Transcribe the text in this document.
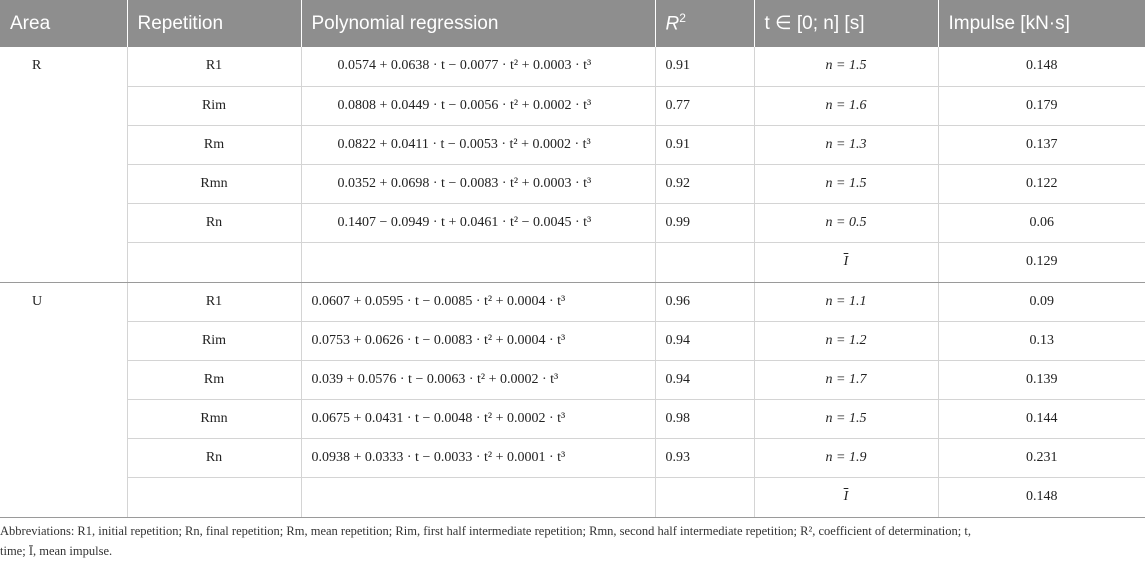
Area	Repetition	Polynomial regression	$R^2$	t ∈ [0; n] [s]	Impulse [kN·s]
R	R1	0.0574 + 0.0638 · t − 0.0077 · t² + 0.0003 · t³	0.91	n = 1.5	0.148
	Rim	0.0808 + 0.0449 · t − 0.0056 · t² + 0.0002 · t³	0.77	n = 1.6	0.179
	Rm	0.0822 + 0.0411 · t − 0.0053 · t² + 0.0002 · t³	0.91	n = 1.3	0.137
	Rmn	0.0352 + 0.0698 · t − 0.0083 · t² + 0.0003 · t³	0.92	n = 1.5	0.122
	Rn	0.1407 − 0.0949 · t + 0.0461 · t² − 0.0045 · t³	0.99	n = 0.5	0.06
				$\overline{I}$	0.129
U	R1	0.0607 + 0.0595 · t − 0.0085 · t² + 0.0004 · t³	0.96	n = 1.1	0.09
	Rim	0.0753 + 0.0626 · t − 0.0083 · t² + 0.0004 · t³	0.94	n = 1.2	0.13
	Rm	0.039 + 0.0576 · t − 0.0063 · t² + 0.0002 · t³	0.94	n = 1.7	0.139
	Rmn	0.0675 + 0.0431 · t − 0.0048 · t² + 0.0002 · t³	0.98	n = 1.5	0.144
	Rn	0.0938 + 0.0333 · t − 0.0033 · t² + 0.0001 · t³	0.93	n = 1.9	0.231
				$\overline{I}$	0.148
Abbreviations: R1, initial repetition; Rn, final repetition; Rm, mean repetition; Rim, first half intermediate repetition; Rmn, second half intermediate repetition; R², coefficient of determination; t,
time; Ī, mean impulse.
